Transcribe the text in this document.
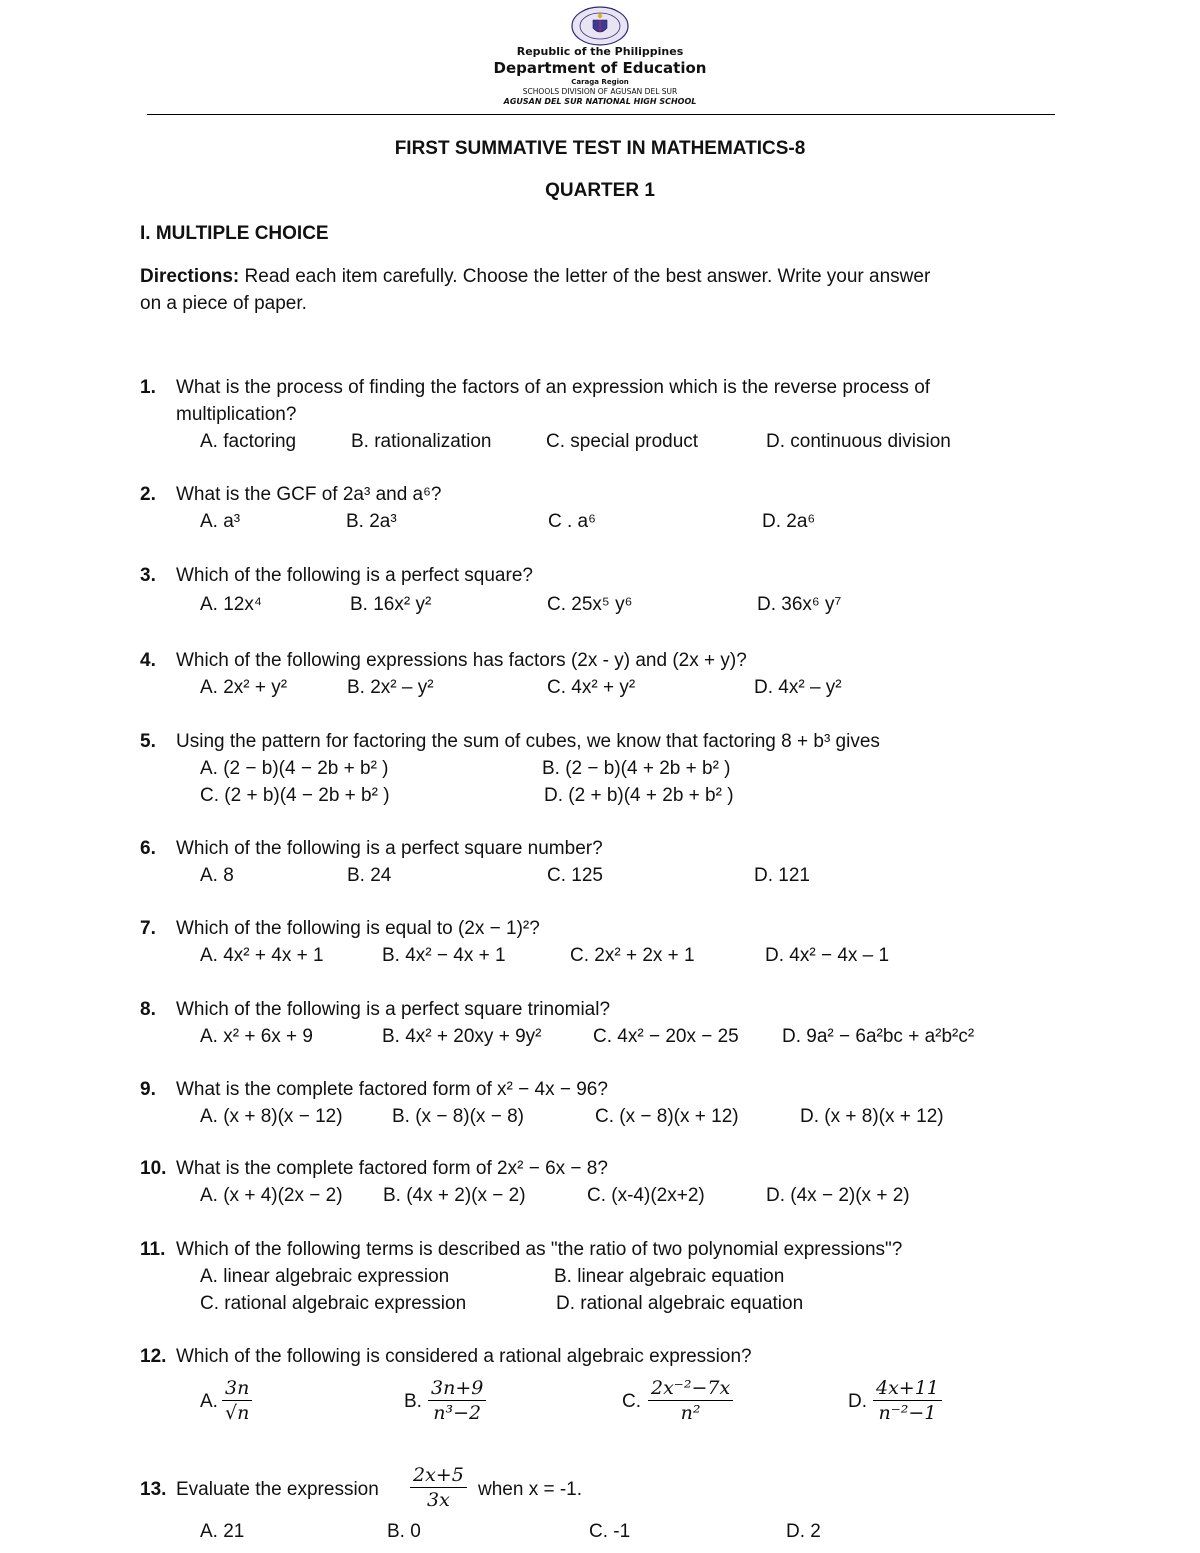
Republic of the Philippines
Department of Education
Caraga Region
SCHOOLS DIVISION OF AGUSAN DEL SUR
AGUSAN DEL SUR NATIONAL HIGH SCHOOL
FIRST SUMMATIVE TEST IN MATHEMATICS-8
QUARTER 1
I. MULTIPLE CHOICE
Directions: Read each item carefully. Choose the letter of the best answer. Write your answer
on a piece of paper.
1. What is the process of finding the factors of an expression which is the reverse process of
multiplication?
A. factoring	B. rationalization	C. special product	D. continuous division
2. What is the GCF of 2a³ and a⁶?
A. a³	B. 2a³	C . a⁶	D. 2a⁶
3. Which of the following is a perfect square?
A. 12x⁴	B. 16x² y²	C. 25x⁵ y⁶	D. 36x⁶ y⁷
4. Which of the following expressions has factors (2x - y) and (2x + y)?
A. 2x² + y²	B. 2x² – y²	C. 4x² + y²	D. 4x² – y²
5. Using the pattern for factoring the sum of cubes, we know that factoring 8 + b³ gives
A. (2 − b)(4 − 2b + b² )	B. (2 − b)(4 + 2b + b² )
C. (2 + b)(4 − 2b + b² )	D. (2 + b)(4 + 2b + b² )
6. Which of the following is a perfect square number?
A. 8	B. 24	C. 125	D. 121
7. Which of the following is equal to (2x − 1)²?
A. 4x² + 4x + 1	B. 4x² − 4x + 1	C. 2x² + 2x + 1	D. 4x² − 4x – 1
8. Which of the following is a perfect square trinomial?
A. x² + 6x + 9	B. 4x² + 20xy + 9y²	C. 4x² − 20x − 25 D. 9a² − 6a²bc + a²b²c²
9. What is the complete factored form of x² − 4x − 96?
A. (x + 8)(x − 12)	B. (x − 8)(x − 8)	C. (x − 8)(x + 12)	D. (x + 8)(x + 12)
10. What is the complete factored form of 2x² − 6x − 8?
A. (x + 4)(2x − 2) B. (4x + 2)(x − 2)	C. (x-4)(2x+2)	D. (4x − 2)(x + 2)
11. Which of the following terms is described as "the ratio of two polynomial expressions"?
A. linear algebraic expression	B. linear algebraic equation
C. rational algebraic expression	D. rational algebraic equation
12. Which of the following is considered a rational algebraic expression?
A. $\frac{3n}{√n}$	B. $\frac{3n+9}{\text{n³−2}}$	C. $\frac{\text{2x⁻²−7x}}{\text{n²}}$	D. $\frac{4x+11}{\text{n⁻²−1}}$
13. Evaluate the expression $\frac{2x+5}{3x}$ when x = -1.
A. 21	B. 0	C. -1	D. 2
